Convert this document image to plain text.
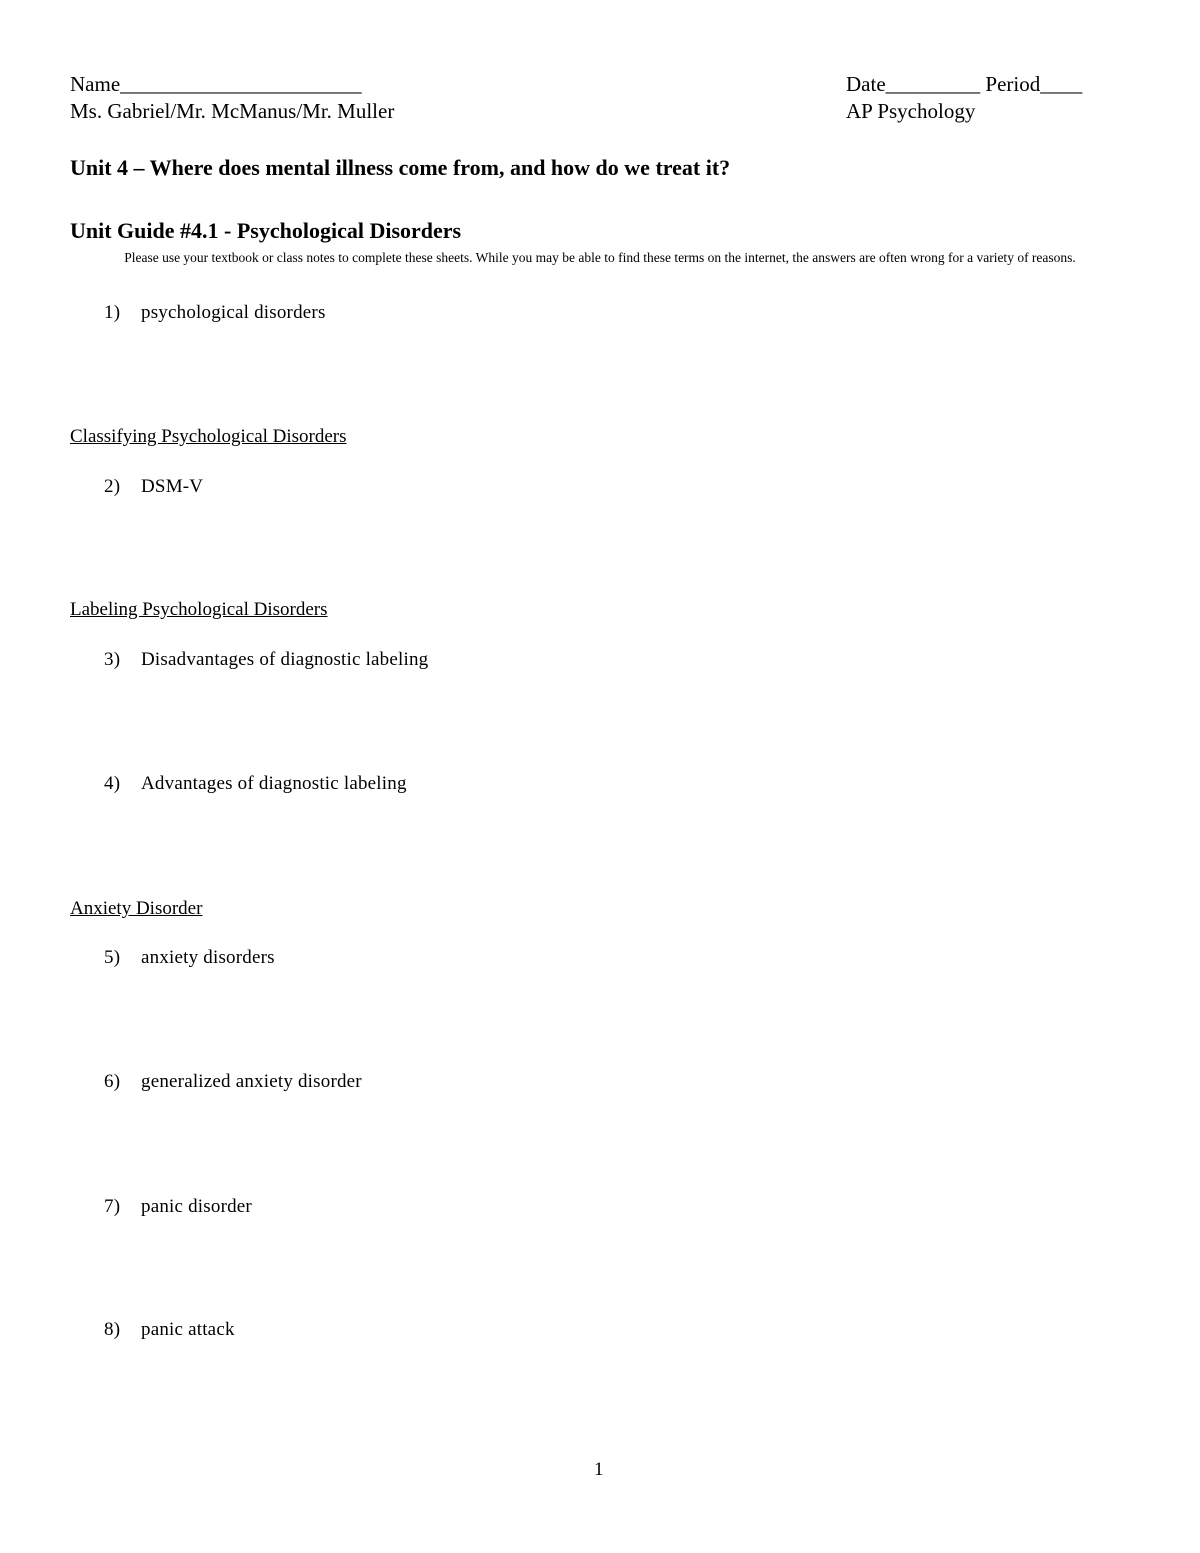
Name_______________________
Ms. Gabriel/Mr. McManus/Mr. Muller
Date_________ Period____
AP Psychology
Unit 4 – Where does mental illness come from, and how do we treat it?
Unit Guide #4.1 - Psychological Disorders
Please use your textbook or class notes to complete these sheets. While you may be able to find these terms on the internet, the answers are often wrong for a variety of reasons.
1) psychological disorders
Classifying Psychological Disorders
2) DSM-V
Labeling Psychological Disorders
3) Disadvantages of diagnostic labeling
4) Advantages of diagnostic labeling
Anxiety Disorder
5) anxiety disorders
6) generalized anxiety disorder
7) panic disorder
8) panic attack
1
